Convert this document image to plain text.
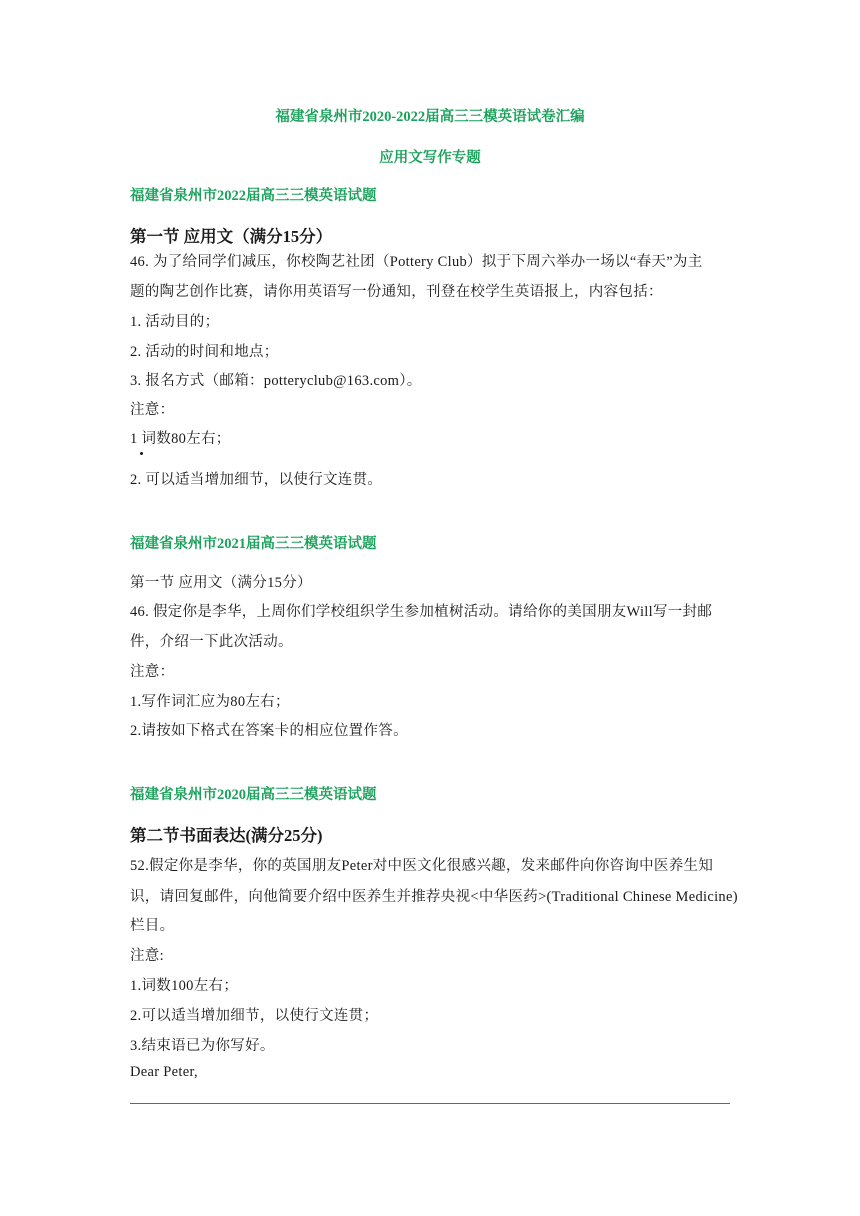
福建省泉州市2020-2022届高三三模英语试卷汇编
应用文写作专题
福建省泉州市2022届高三三模英语试题
第一节 应用文（满分15分）
46. 为了给同学们减压，你校陶艺社团（Pottery Club）拟于下周六举办一场以“春天”为主
题的陶艺创作比赛，请你用英语写一份通知，刊登在校学生英语报上，内容包括：
1. 活动目的；
2. 活动的时间和地点；
3. 报名方式（邮箱：potteryclub@163.com）。
注意：
1 词数80左右；
2. 可以适当增加细节，以使行文连贯。
福建省泉州市2021届高三三模英语试题
第一节 应用文（满分15分）
46. 假定你是李华，上周你们学校组织学生参加植树活动。请给你的美国朋友Will写一封邮
件，介绍一下此次活动。
注意：
1.写作词汇应为80左右；
2.请按如下格式在答案卡的相应位置作答。
福建省泉州市2020届高三三模英语试题
第二节书面表达(满分25分)
52.假定你是李华，你的英国朋友Peter对中医文化很感兴趣，发来邮件向你咨询中医养生知
识，请回复邮件，向他简要介绍中医养生并推荐央视<中华医药>(Traditional Chinese Medicine)
栏目。
注意:
1.词数100左右；
2.可以适当增加细节，以使行文连贯；
3.结束语已为你写好。
Dear Peter,
